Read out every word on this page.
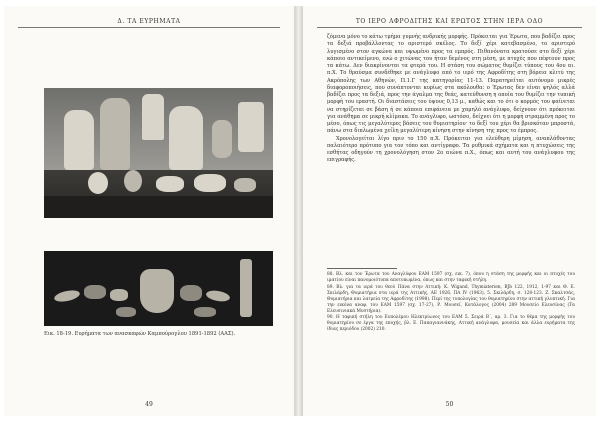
Δ. ΤΑ ΕΥΡΗΜΑΤΑ
Εικ. 18-19. Ευρήματα των ανασκαφών Καμπούρογλου 1891-1892 (ΑΑΣ).
49
ΤΟ ΙΕΡΟ ΑΦΡΟΔΙΤΗΣ ΚΑΙ ΕΡΩΤΟΣ ΣΤΗΝ ΙΕΡΑ ΟΔΟ

ζόμενα μόνο το κάτω τμήμα γυμνής ανδρικής μορφής. Πρόκειται για Έρωτα, που βαδίζει προς τα δεξιά προβάλλοντας το αριστερό σκέλος. Το δεξί χέρι κατεβασμένο, το αριστερό λυγισμένο στον αγκώνα και υψωμένο προς τα εμπρός. Πιθανόνατα κρατούσε στο δεξί χέρι κάποιο αντικείμενο, ενώ ο χιτώνας του ήταν δεμένος στη μέση, με πτυχές που πέφτουν προς τα κάτω. Δεν διακρίνονται τα φτερά του. Η στάση του σώματος θυμίζει τύπους του 4ου αι. π.Χ. Το θραύσμα συνδέθηκε με ανάγλυφο από το ιερό της Αφροδίτης στη βόρεια κλιτύ της Ακρόπολης των Αθηνών, Π.1.Γ της κατηγορίας 11-13. Παρατηρείται αυτόνομο μικρές διαφοροποιήσεις, που συνάπτονται κυρίως στα ακόλουθα: ο Έρωτας δεν είναι ψηλός αλλά βαδίζει προς τα δεξιά, προς την άγαλμα της θεάς, κατεύθυνση η οποία του θυμίζει την τυπική μορφή του εραστή. Οι διαστάσεις του ύψους 0,13 μ., καθώς και το ότι ο κορμός του φαίνεται να στηρίζεται σε βάση ή σε κάποια επιφάνεια με χαμηλό ανάγλυφο, δείχνουν ότι πρόκειται για ανάθημα σε μικρή κλίμακα. Το ανάγλυφο, ωστόσο, δείχνει ότι η μορφή στραμμένη προς το μέσο, όπως τις μεγαλύτερες βάσεις του θυμιατηρίου· το δεξί του χέρι θα βρισκόταν μπροστά, πάνω στα διπλωμένα χείλη μεγαλύτερη κίνηση στην κίνηση της προς το έμπρος.

Χρονολογείται λίγο πριν το 150 π.Χ. Πρόκειται για ελεύθερη μίμηση, αναπλάθοντας παλαιότερο πρότυπο για τον τόπο και αντίγραφο. Τα ρυθμικά σχήματα και η πτυχώσεις της εσθήτας οδηγούν τη χρονολόγηση στον 2ο αιώνα π.Χ., όπως και αυτή του ανάγλυφου της επιγραφής.

88. Βλ. και τον Έρωτα του Αναγλύφου ΕΑΜ 1597 (σχ. εικ. 7), όπου η στάση της μορφής και οι πτυχές του ιματίου είναι πανομοιότυπα αποτυπωμένα, όπως και στην ταφική στήλη.

89. Βλ. για τα ιερά του θεού Πάνα στην Αττική: Κ. Wigand, Thymiaterien, BJb 122, 1912, 1-97 και Θ. Ε. Σκιλάρδη, Θυμιατήρια στα ιερά της Αττικής, ΑΕ 1926, ΠΑ ΙV (1963), 5. Σκιλάρδη, σ. 128-123. Ζ. Σκαλτσάς, Θυμιατήρια και λατρεία της Αφροδίτης (1998). Περί της τυπολογίας του θυμιατηρίου στην αττική γλυπτική. Για την εικόνα αναφ. του ΕΑΜ 1597 (σχ. 17-27), Ρ. Μουσεϊ, Κατάλογος (2004) 289 Μουσείο Ελευσίνας (Τα Ελευσινιακά Μυστήρια).

90. Η ταφική στήλη του Ευπολέμου Ηλεκτρίωνος του ΕΑΜ 5. Σειρά Β΄, αρ. 3. Για το θέμα της μορφής του θυμιατηρίου σε έργα της εποχής, βλ. Ε. Παπαγιαννάκης, Αττική ανάγλυφα, μουσεία και άλλα ευρήματα της ίδιας περιόδου (2002) 210.

50
